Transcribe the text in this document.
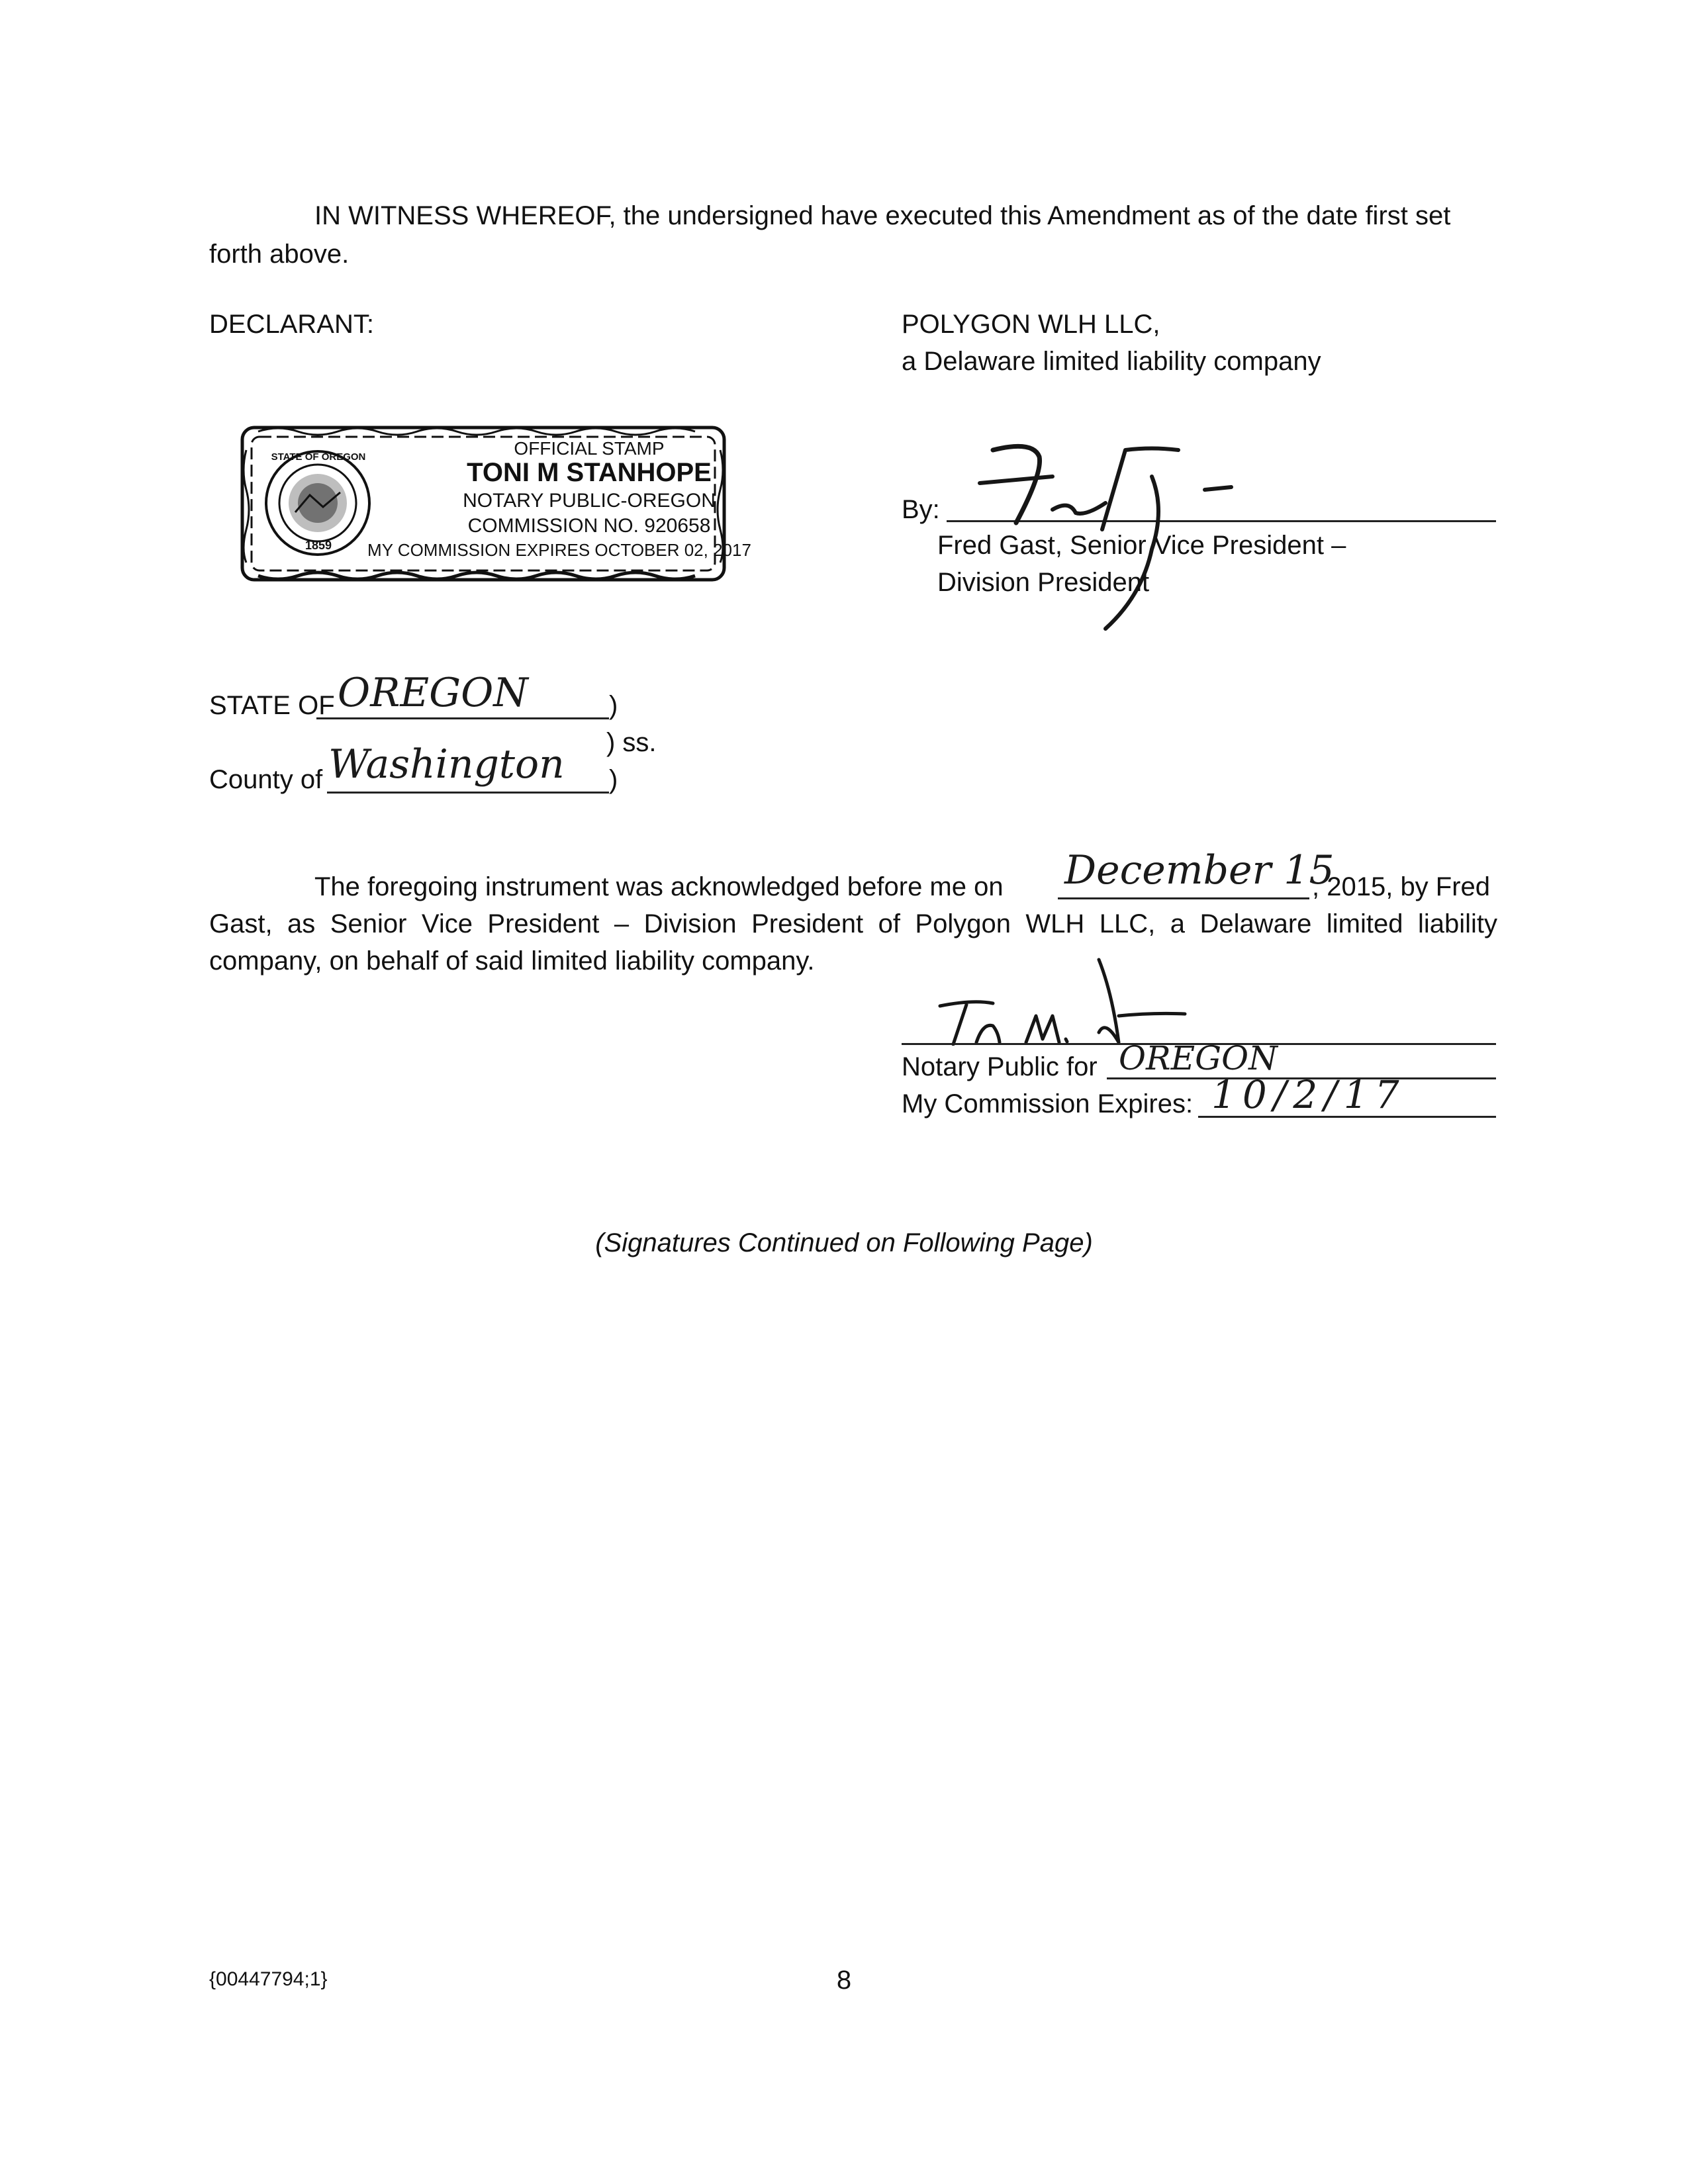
IN WITNESS WHEREOF, the undersigned have executed this Amendment as of the date first set
forth above.
DECLARANT:	POLYGON WLH LLC,
a Delaware limited liability company
STATE OF OREGON
1859
OFFICIAL STAMP
TONI M STANHOPE
NOTARY PUBLIC-OREGON
COMMISSION NO. 920658
MY COMMISSION EXPIRES OCTOBER 02, 2017
By:
Fred Gast, Senior Vice President –
Division President
STATE OF OREGON	)
) ss.
County of Washington )
The foregoing instrument was acknowledged before me on December 15
, 2015, by Fred
Gast, as Senior Vice President – Division President of Polygon WLH LLC, a Delaware limited liability company, on behalf of said limited liability company.
Notary Public for OREGON
My Commission Expires: 10/2/17
(Signatures Continued on Following Page)
{00447794;1}	8
